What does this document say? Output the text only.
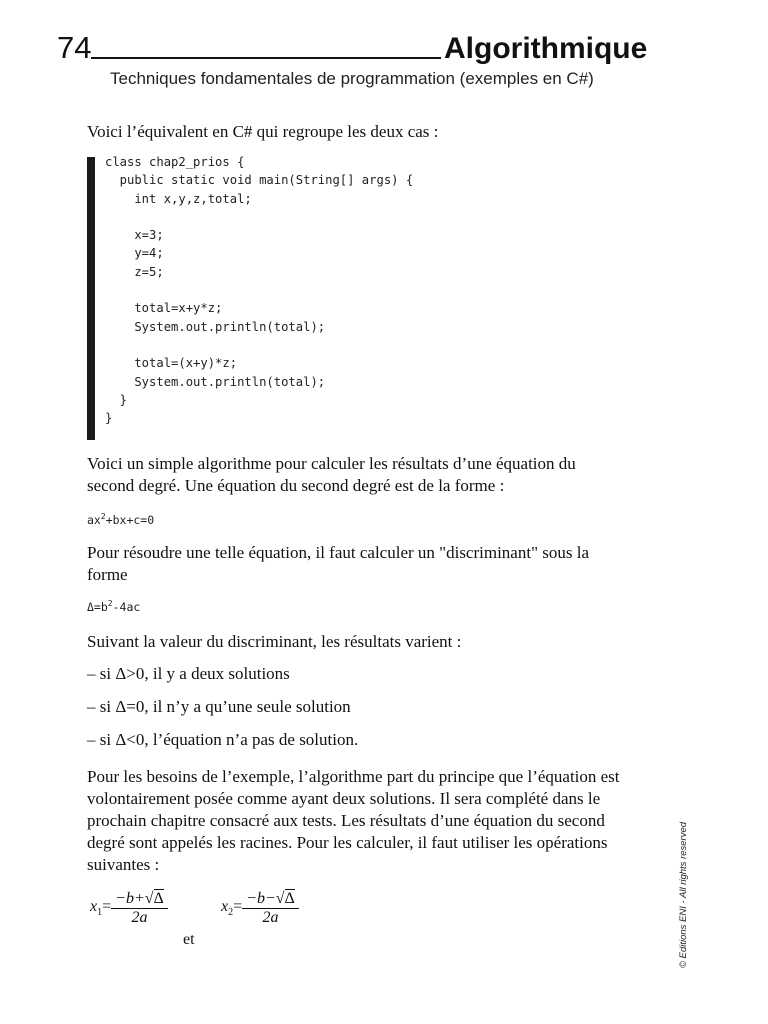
74	Algorithmique
Techniques fondamentales de programmation (exemples en C#)
Voici l’équivalent en C# qui regroupe les deux cas :
class chap2_prios {
public static void main(String[] args) {
int x,y,z,total;

x=3;
y=4;
z=5;

total=x+y*z;
System.out.println(total);

total=(x+y)*z;
System.out.println(total);
}
}
Voici un simple algorithme pour calculer les résultats d’une équation du
second degré. Une équation du second degré est de la forme :
$ax^2+bx+c=0$
Pour résoudre une telle équation, il faut calculer un "discriminant" sous la
forme
$\Delta=b^2-4ac$
Suivant la valeur du discriminant, les résultats varient :
– si Δ>0, il y a deux solutions
– si Δ=0, il n’y a qu’une seule solution
– si Δ<0, l’équation n’a pas de solution.
Pour les besoins de l’exemple, l’algorithme part du principe que l’équation est
volontairement posée comme ayant deux solutions. Il sera complété dans le
prochain chapitre consacré aux tests. Les résultats d’une équation du second
degré sont appelés les racines. Pour les calculer, il faut utiliser les opérations
suivantes :
$x_1= \frac{-b+√\Delta}{2a}$
et
$x_2= \frac{-b-√\Delta}{2a}$	© Editions ENI - All rights reserved
